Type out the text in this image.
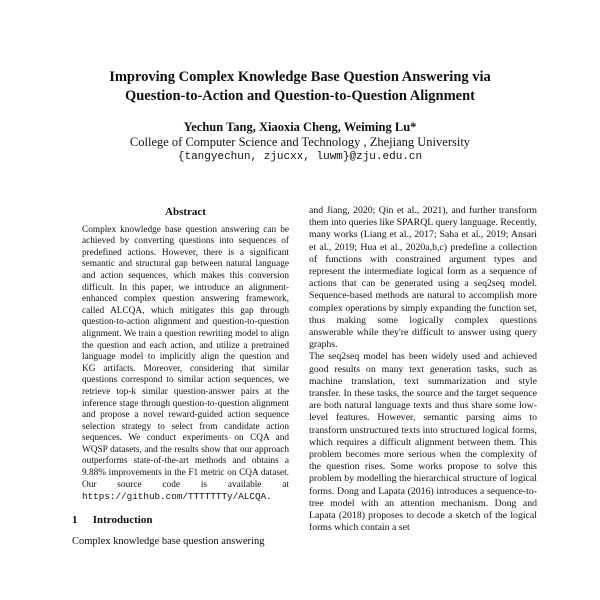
Improving Complex Knowledge Base Question Answering via
Question-to-Action and Question-to-Question Alignment
Yechun Tang, Xiaoxia Cheng, Weiming Lu*
College of Computer Science and Technology , Zhejiang University
{tangyechun, zjucxx, luwm}@zju.edu.cn
Abstract
Complex knowledge base question answering can be achieved by converting questions into sequences of predefined actions. However, there is a significant semantic and structural gap between natural language and action sequences, which makes this conversion difficult. In this paper, we introduce an alignment-enhanced complex question answering framework, called ALCQA, which mitigates this gap through question-to-action alignment and question-to-question alignment. We train a question rewriting model to align the question and each action, and utilize a pretrained language model to implicitly align the question and KG artifacts. Moreover, considering that similar questions correspond to similar action sequences, we retrieve top-k similar question-answer pairs at the inference stage through question-to-question alignment and propose a novel reward-guided action sequence selection strategy to select from candidate action sequences. We conduct experiments on CQA and WQSP datasets, and the results show that our approach outperforms state-of-the-art methods and obtains a 9.88% improvements in the F1 metric on CQA dataset. Our source code is available at https://github.com/TTTTTTTy/ALCQA.
1 Introduction
Complex knowledge base question answering

and Jiang, 2020; Qin et al., 2021), and further transform them into queries like SPARQL query language. Recently, many works (Liang et al., 2017; Saha et al., 2019; Ansari et al., 2019; Hua et al., 2020a,b,c) predefine a collection of functions with constrained argument types and represent the intermediate logical form as a sequence of actions that can be generated using a seq2seq model. Sequence-based methods are natural to accomplish more complex operations by simply expanding the function set, thus making some logically complex questions answerable while they're difficult to answer using query graphs.

The seq2seq model has been widely used and achieved good results on many text generation tasks, such as machine translation, text summarization and style transfer. In these tasks, the source and the target sequence are both natural language texts and thus share some low-level features. However, semantic parsing aims to transform unstructured texts into structured logical forms, which requires a difficult alignment between them. This problem becomes more serious when the complexity of the question rises. Some works propose to solve this problem by modelling the hierarchical structure of logical forms. Dong and Lapata (2016) introduces a sequence-to-tree model with an attention mechanism. Dong and Lapata (2018) proposes to decode a sketch of the logical forms which contain a set
